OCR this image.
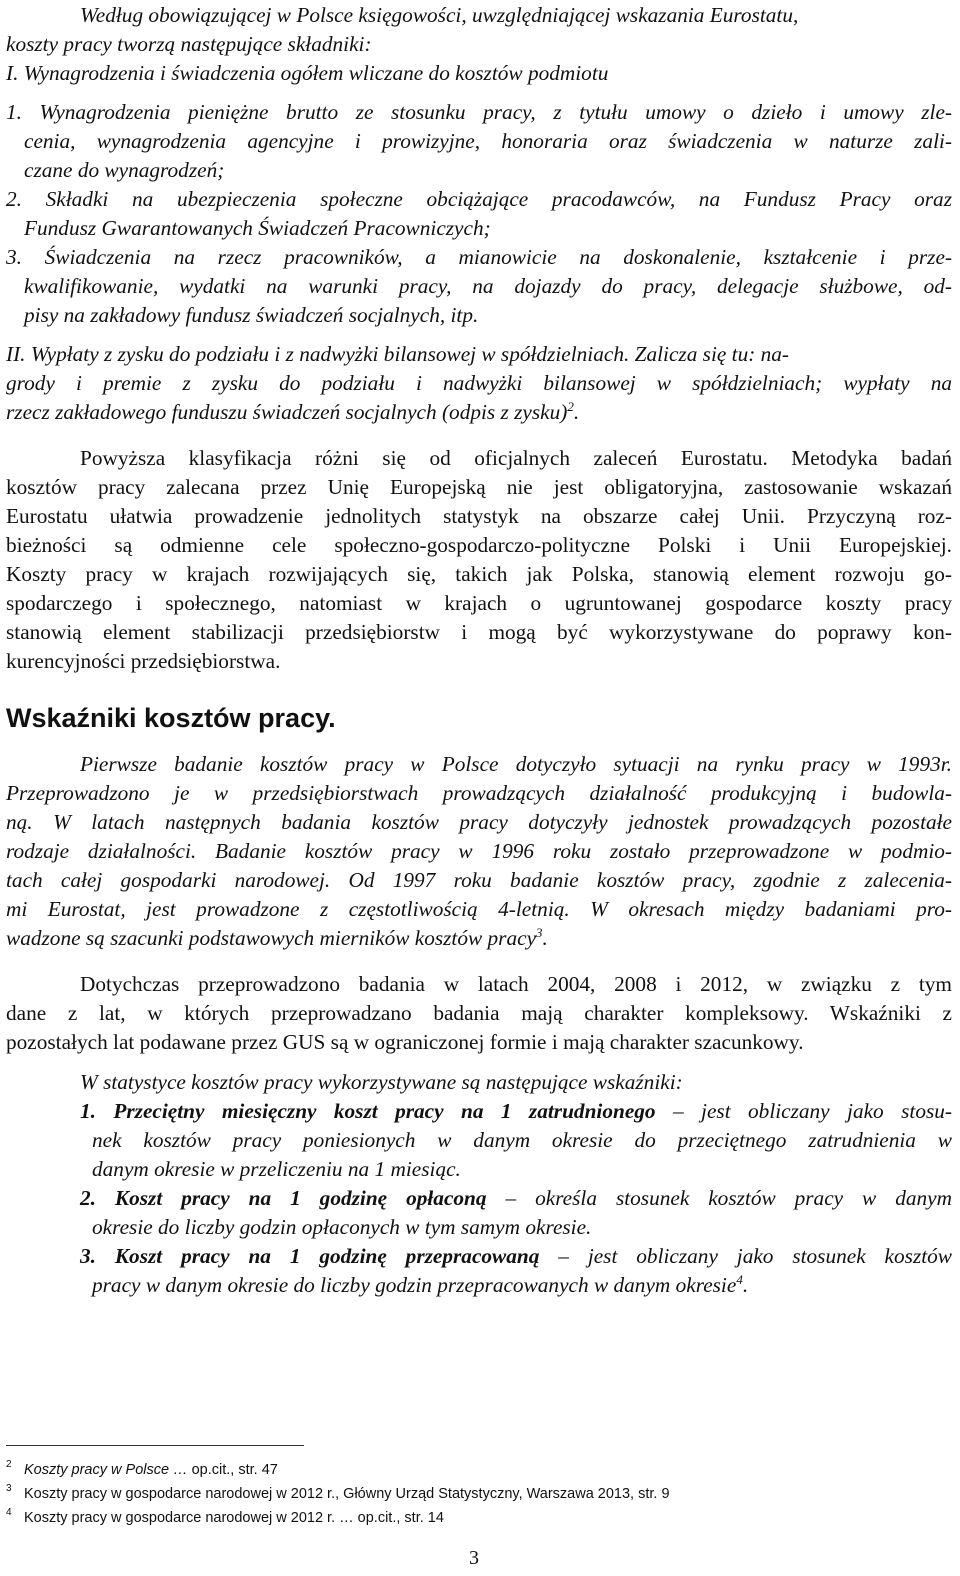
Według obowiązującej w Polsce księgowości, uwzględniającej wskazania Eurostatu,
koszty pracy tworzą następujące składniki:
I. Wynagrodzenia i świadczenia ogółem wliczane do kosztów podmiotu
1. Wynagrodzenia pieniężne brutto ze stosunku pracy, z tytułu umowy o dzieło i umowy zle-
cenia, wynagrodzenia agencyjne i prowizyjne, honoraria oraz świadczenia w naturze zali-
czane do wynagrodzeń;
2. Składki na ubezpieczenia społeczne obciążające pracodawców, na Fundusz Pracy oraz
Fundusz Gwarantowanych Świadczeń Pracowniczych;
3. Świadczenia na rzecz pracowników, a mianowicie na doskonalenie, kształcenie i prze-
kwalifikowanie, wydatki na warunki pracy, na dojazdy do pracy, delegacje służbowe, od-
pisy na zakładowy fundusz świadczeń socjalnych, itp.
II. Wypłaty z zysku do podziału i z nadwyżki bilansowej w spółdzielniach. Zalicza się tu: na-
grody i premie z zysku do podziału i nadwyżki bilansowej w spółdzielniach; wypłaty na
rzecz zakładowego funduszu świadczeń socjalnych (odpis z zysku)$^2$.
Powyższa klasyfikacja różni się od oficjalnych zaleceń Eurostatu. Metodyka badań
kosztów pracy zalecana przez Unię Europejską nie jest obligatoryjna, zastosowanie wskazań
Eurostatu ułatwia prowadzenie jednolitych statystyk na obszarze całej Unii. Przyczyną roz-
bieżności są odmienne cele społeczno-gospodarczo-polityczne Polski i Unii Europejskiej.
Koszty pracy w krajach rozwijających się, takich jak Polska, stanowią element rozwoju go-
spodarczego i społecznego, natomiast w krajach o ugruntowanej gospodarce koszty pracy
stanowią element stabilizacji przedsiębiorstw i mogą być wykorzystywane do poprawy kon-
kurencyjności przedsiębiorstwa.
Wskaźniki kosztów pracy.
Pierwsze badanie kosztów pracy w Polsce dotyczyło sytuacji na rynku pracy w 1993r.
Przeprowadzono je w przedsiębiorstwach prowadzących działalność produkcyjną i budowla-
ną. W latach następnych badania kosztów pracy dotyczyły jednostek prowadzących pozostałe
rodzaje działalności. Badanie kosztów pracy w 1996 roku zostało przeprowadzone w podmio-
tach całej gospodarki narodowej. Od 1997 roku badanie kosztów pracy, zgodnie z zalecenia-
mi Eurostat, jest prowadzone z częstotliwością 4-letnią. W okresach między badaniami pro-
wadzone są szacunki podstawowych mierników kosztów pracy$^3$.
Dotychczas przeprowadzono badania w latach 2004, 2008 i 2012, w związku z tym
dane z lat, w których przeprowadzano badania mają charakter kompleksowy. Wskaźniki z
pozostałych lat podawane przez GUS są w ograniczonej formie i mają charakter szacunkowy.
W statystyce kosztów pracy wykorzystywane są następujące wskaźniki:
1. Przeciętny miesięczny koszt pracy na 1 zatrudnionego – jest obliczany jako stosu-
nek kosztów pracy poniesionych w danym okresie do przeciętnego zatrudnienia w
danym okresie w przeliczeniu na 1 miesiąc.
2. Koszt pracy na 1 godzinę opłaconą – określa stosunek kosztów pracy w danym
okresie do liczby godzin opłaconych w tym samym okresie.
3. Koszt pracy na 1 godzinę przepracowaną – jest obliczany jako stosunek kosztów
pracy w danym okresie do liczby godzin przepracowanych w danym okresie$^4$.
2 Koszty pracy w Polsce … op.cit., str. 47
3 Koszty pracy w gospodarce narodowej w 2012 r., Główny Urząd Statystyczny, Warszawa 2013, str. 9
4 Koszty pracy w gospodarce narodowej w 2012 r. … op.cit., str. 14
3
